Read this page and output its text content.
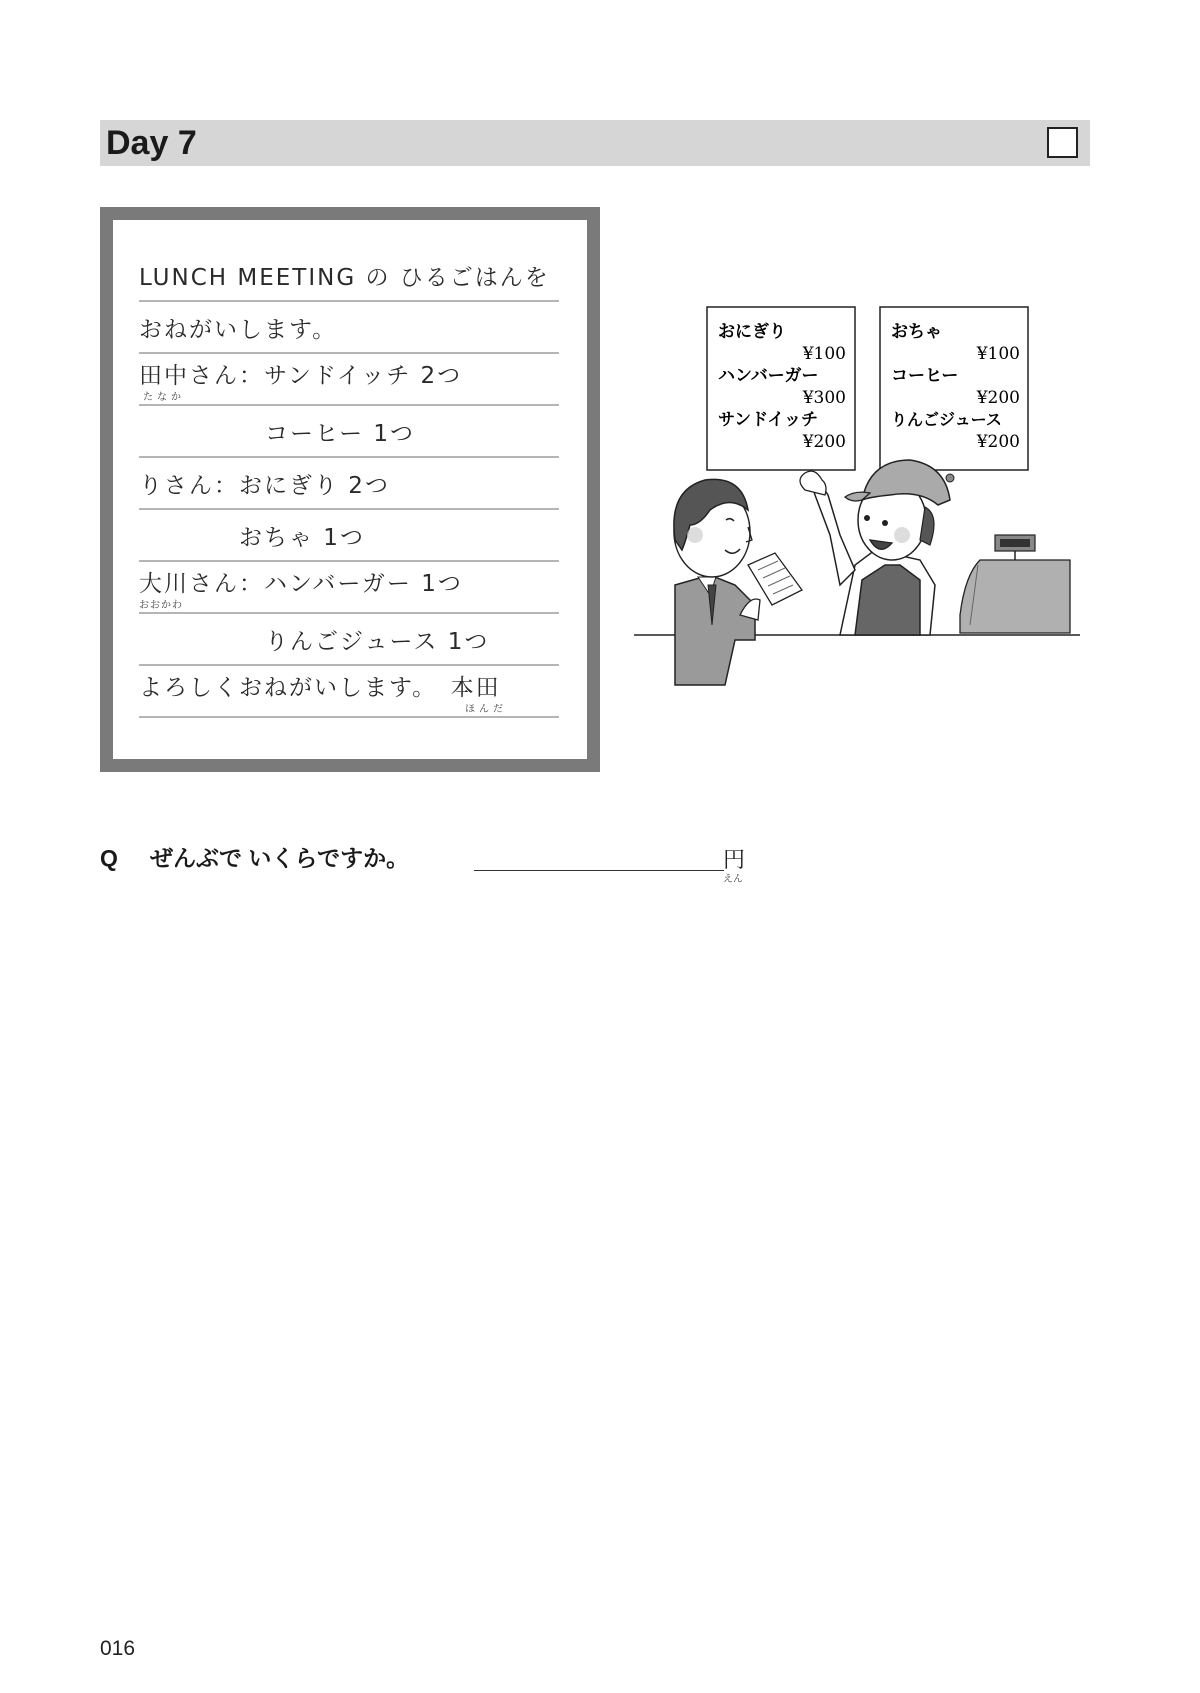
Day 7
LUNCH MEETING の ひるごはんを
おねがいします。
田中さん：サンドイッチ 2つ
たなか
コーヒー 1つ
りさん：おにぎり 2つ
おちゃ 1つ
大川さん：ハンバーガー 1つ
おおかわ
りんごジュース 1つ
よろしくおねがいします。　本田
ほんだ
おにぎり
¥100
ハンバーガー
¥300
サンドイッチ
¥200
おちゃ
¥100
コーヒー
¥200
りんごジュース
¥200
Q ぜんぶで いくらですか。	円
えん
016
